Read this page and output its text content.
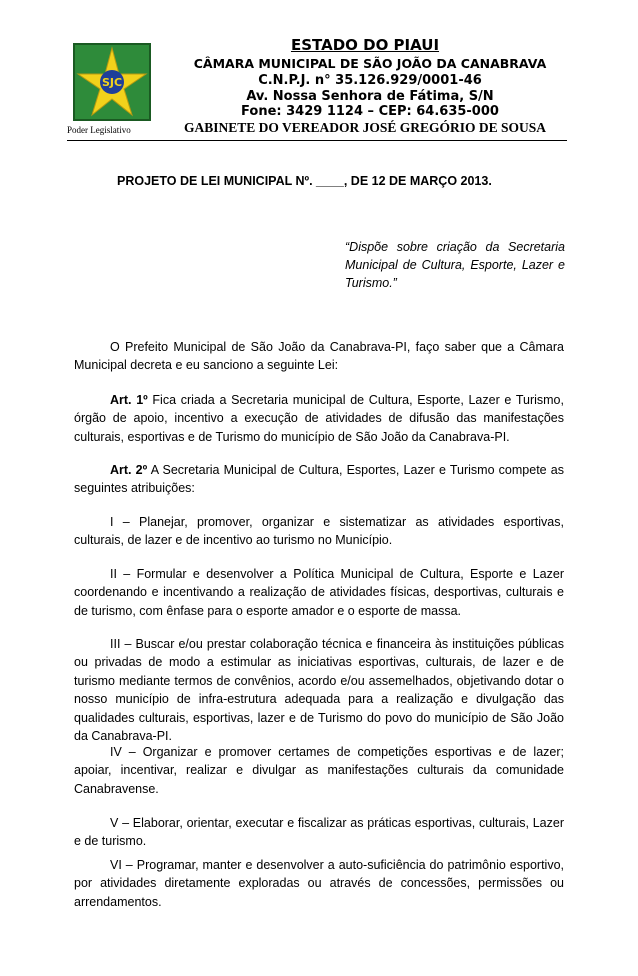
SJC
Poder Legislativo
ESTADO DO PIAUI
CÂMARA MUNICIPAL DE SÃO JOÃO DA CANABRAVA
C.N.P.J. n° 35.126.929/0001-46
Av. Nossa Senhora de Fátima, S/N
Fone: 3429 1124 – CEP: 64.635-000
GABINETE DO VEREADOR JOSÉ GREGÓRIO DE SOUSA
PROJETO DE LEI MUNICIPAL Nº. ____, DE 12 DE MARÇO 2013.
“Dispõe sobre criação da Secretaria Municipal de Cultura, Esporte, Lazer e Turismo.”

O Prefeito Municipal de São João da Canabrava-PI, faço saber que a Câmara Municipal decreta e eu sanciono a seguinte Lei:

Art. 1º Fica criada a Secretaria municipal de Cultura, Esporte, Lazer e Turismo, órgão de apoio, incentivo a execução de atividades de difusão das manifestações culturais, esportivas e de Turismo do município de São João da Canabrava-PI.

Art. 2º A Secretaria Municipal de Cultura, Esportes, Lazer e Turismo compete as seguintes atribuições:

I – Planejar, promover, organizar e sistematizar as atividades esportivas, culturais, de lazer e de incentivo ao turismo no Município.

II – Formular e desenvolver a Política Municipal de Cultura, Esporte e Lazer coordenando e incentivando a realização de atividades físicas, desportivas, culturais e de turismo, com ênfase para o esporte amador e o esporte de massa.

III – Buscar e/ou prestar colaboração técnica e financeira às instituições públicas ou privadas de modo a estimular as iniciativas esportivas, culturais, de lazer e de turismo mediante termos de convênios, acordo e/ou assemelhados, objetivando dotar o nosso município de infra-estrutura adequada para a realização e divulgação das qualidades culturais, esportivas, lazer e de Turismo do povo do município de São João da Canabrava-PI.

IV – Organizar e promover certames de competições esportivas e de lazer; apoiar, incentivar, realizar e divulgar as manifestações culturais da comunidade Canabravense.

V – Elaborar, orientar, executar e fiscalizar as práticas esportivas, culturais, Lazer e de turismo.

VI – Programar, manter e desenvolver a auto-suficiência do patrimônio esportivo, por atividades diretamente exploradas ou através de concessões, permissões ou arrendamentos.
